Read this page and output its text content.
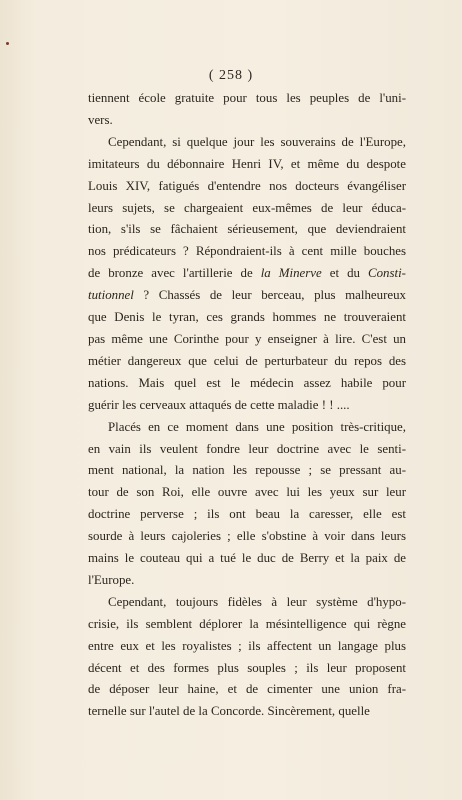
( 258 )
tiennent école gratuite pour tous les peuples de l'uni-
vers.
Cependant, si quelque jour les souverains de l'Europe,
imitateurs du débonnaire Henri IV, et même du despote
Louis XIV, fatigués d'entendre nos docteurs évangéliser
leurs sujets, se chargeaient eux-mêmes de leur éduca-
tion, s'ils se fâchaient sérieusement, que deviendraient
nos prédicateurs ? Répondraient-ils à cent mille bouches
de bronze avec l'artillerie de la Minerve et du Consti-
tutionnel ? Chassés de leur berceau, plus malheureux
que Denis le tyran, ces grands hommes ne trouveraient
pas même une Corinthe pour y enseigner à lire. C'est un
métier dangereux que celui de perturbateur du repos des
nations. Mais quel est le médecin assez habile pour
guérir les cerveaux attaqués de cette maladie ! ! ....
Placés en ce moment dans une position très-critique,
en vain ils veulent fondre leur doctrine avec le senti-
ment national, la nation les repousse ; se pressant au-
tour de son Roi, elle ouvre avec lui les yeux sur leur
doctrine perverse ; ils ont beau la caresser, elle est
sourde à leurs cajoleries ; elle s'obstine à voir dans leurs
mains le couteau qui a tué le duc de Berry et la paix de
l'Europe.
Cependant, toujours fidèles à leur système d'hypo-
crisie, ils semblent déplorer la mésintelligence qui règne
entre eux et les royalistes ; ils affectent un langage plus
décent et des formes plus souples ; ils leur proposent
de déposer leur haine, et de cimenter une union fra-
ternelle sur l'autel de la Concorde. Sincèrement, quelle
